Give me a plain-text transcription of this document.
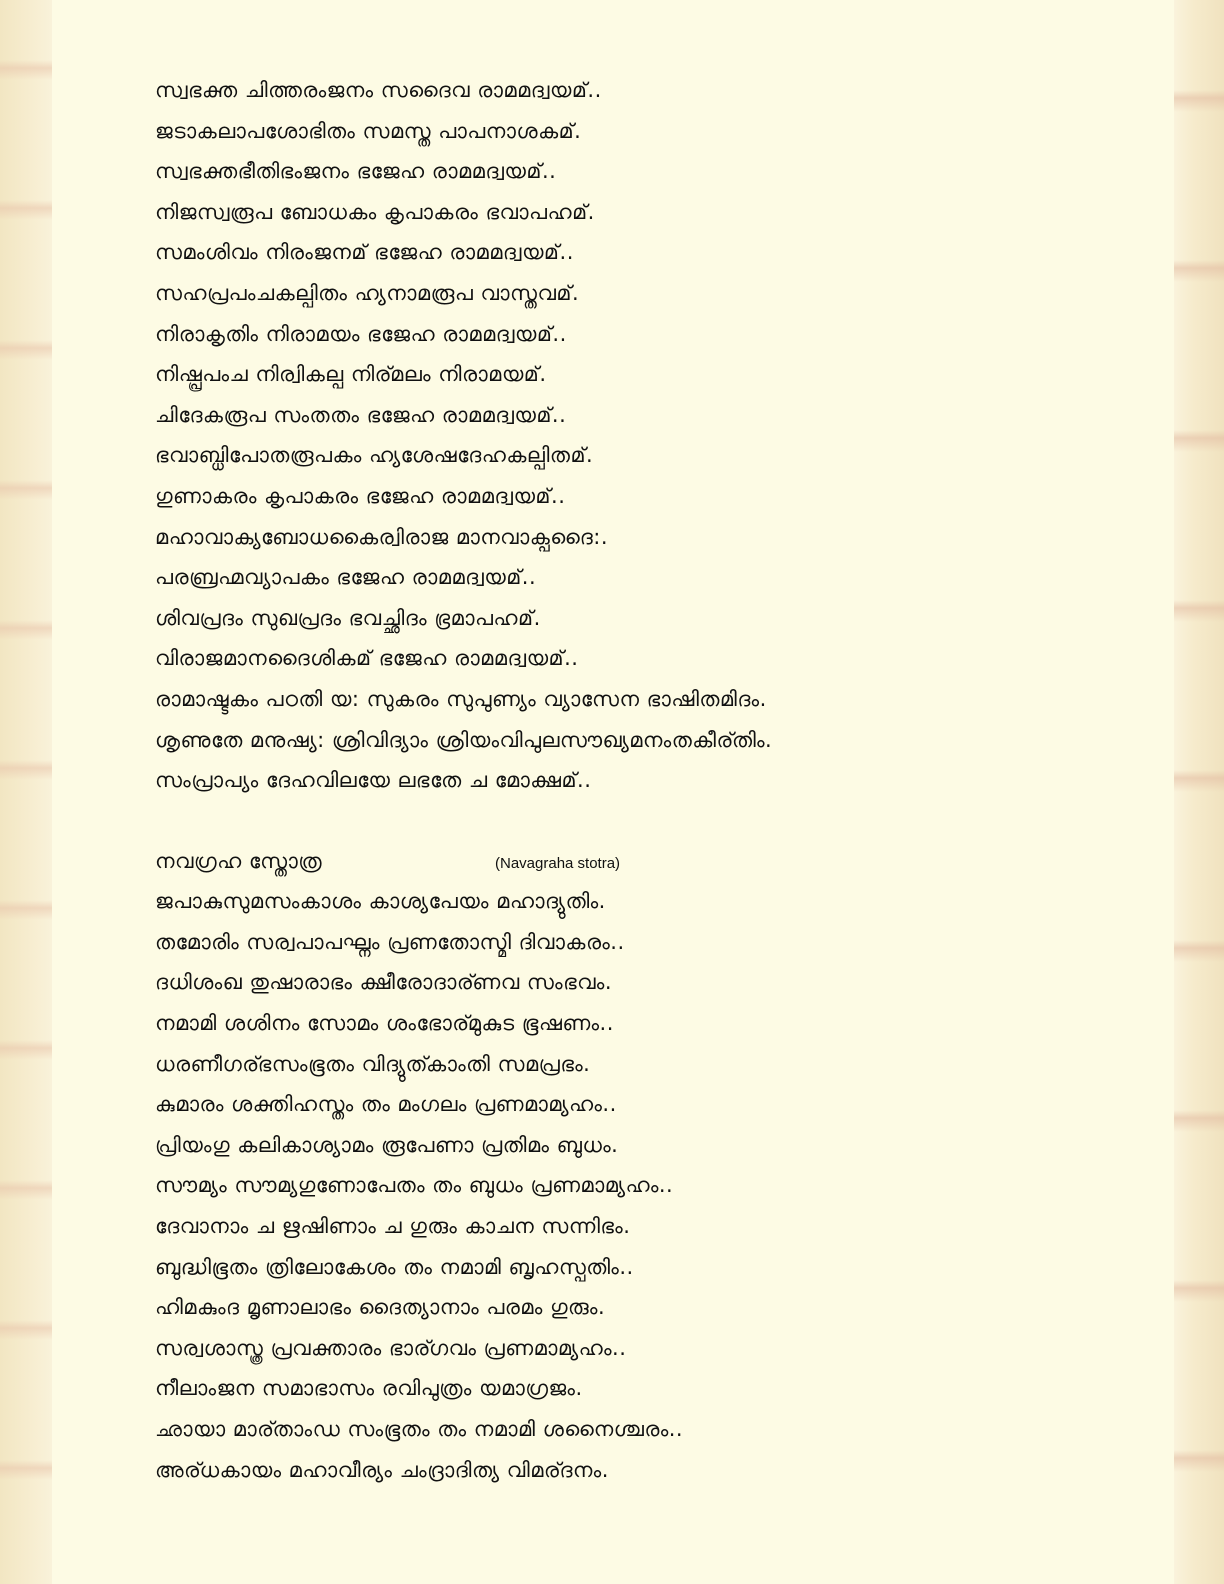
സ്വഭക്ത ചിത്തരംജനം സദൈവ രാമമദ്വയമ്..
ജടാകലാപശോഭിതം സമസ്ത പാപനാശകമ്.
സ്വഭക്തഭീതിഭംജനം ഭജേഹ രാമമദ്വയമ്..
നിജസ്വരൂപ ബോധകം കൃപാകരം ഭവാപഹമ്.
സമംശിവം നിരംജനമ് ഭജേഹ രാമമദ്വയമ്..
സഹപ്രപംചകല്പിതം ഹ്യനാമരൂപ വാസ്തവമ്.
നിരാകൃതിം നിരാമയം ഭജേഹ രാമമദ്വയമ്..
നിഷ്പ്രപംച നിര്വികല്പ നിര്മലം നിരാമയമ്.
ചിദേകരൂപ സംതതം ഭജേഹ രാമമദ്വയമ്..
ഭവാബ്ധിപോതരൂപകം ഹ്യശേഷദേഹകല്പിതമ്.
ഗുണാകരം കൃപാകരം ഭജേഹ രാമമദ്വയമ്..
മഹാവാക്യബോധകൈര്വിരാജ മാനവാക്പദൈ:.
പരബ്രഹ്മവ്യാപകം ഭജേഹ രാമമദ്വയമ്..
ശിവപ്രദം സുഖപ്രദം ഭവച്ഛിദം ഭ്രമാപഹമ്.
വിരാജമാനദൈശികമ് ഭജേഹ രാമമദ്വയമ്..
രാമാഷ്ടകം പഠതി യ: സുകരം സുപുണ്യം വ്യാസേന ഭാഷിതമിദം.
ശൃണുതേ മനുഷ്യ: ശ്രിവിദ്യാം ശ്രിയംവിപുലസൗഖ്യമനംതകീര്തിം.
സംപ്രാപ്യം ദേഹവിലയേ ലഭതേ ച മോക്ഷമ്..
നവഗ്രഹ സ്തോത്ര	(Navagraha stotra)
ജപാകുസുമസംകാശം കാശ്യപേയം മഹാദ്യുതിം.
തമോരിം സര്വപാപഘ്നം പ്രണതോസ്മി ദിവാകരം..
ദധിശംഖ തുഷാരാഭം ക്ഷീരോദാര്ണവ സംഭവം.
നമാമി ശശിനം സോമം ശംഭോര്മുകുട ഭൂഷണം..
ധരണീഗര്ഭസംഭൂതം വിദ്യുത്കാംതി സമപ്രഭം.
കുമാരം ശക്തിഹസ്തം തം മംഗലം പ്രണമാമ്യഹം..
പ്രിയംഗു കലികാശ്യാമം രൂപേണാ പ്രതിമം ബുധം.
സൗമ്യം സൗമ്യഗുണോപേതം തം ബുധം പ്രണമാമ്യഹം..
ദേവാനാം ച ഋഷിണാം ച ഗുരും കാചന സന്നിഭം.
ബുദ്ധിഭൂതം ത്രിലോകേശം തം നമാമി ബൃഹസ്പതിം..
ഹിമകുംദ മൃണാലാഭം ദൈത്യാനാം പരമം ഗുരും.
സര്വശാസ്ത്ര പ്രവക്താരം ഭാര്ഗവം പ്രണമാമ്യഹം..
നീലാംജന സമാഭാസം രവിപുത്രം യമാഗ്രജം.
ഛായാ മാര്താംഡ സംഭൂതം തം നമാമി ശനൈശ്ചരം..
അര്ധകായം മഹാവീര്യം ചംദ്രാദിത്യ വിമര്ദനം.
